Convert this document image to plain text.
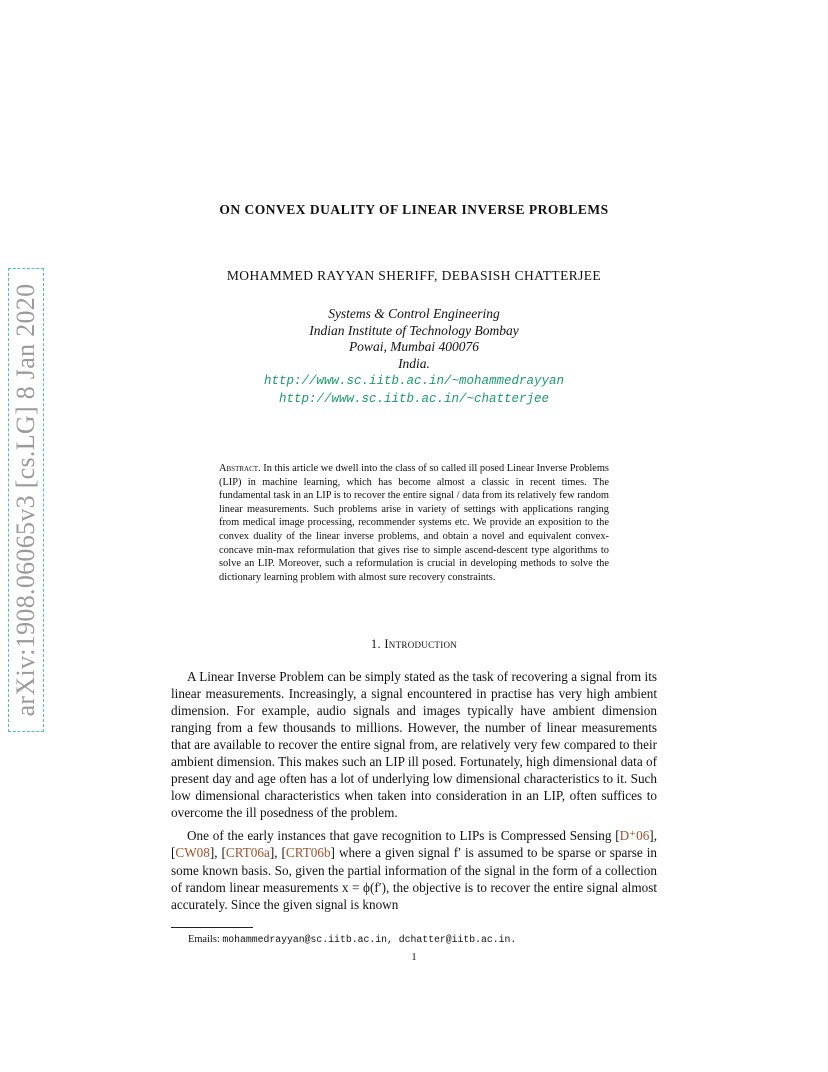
arXiv:1908.06065v3 [cs.LG] 8 Jan 2020
ON CONVEX DUALITY OF LINEAR INVERSE PROBLEMS
MOHAMMED RAYYAN SHERIFF, DEBASISH CHATTERJEE
Systems & Control Engineering
Indian Institute of Technology Bombay
Powai, Mumbai 400076
India.
http://www.sc.iitb.ac.in/~mohammedrayyan
http://www.sc.iitb.ac.in/~chatterjee
Abstract. In this article we dwell into the class of so called ill posed Linear Inverse Problems (LIP) in machine learning, which has become almost a classic in recent times. The fundamental task in an LIP is to recover the entire signal / data from its relatively few random linear measurements. Such problems arise in variety of settings with applications ranging from medical image processing, recommender systems etc. We provide an exposition to the convex duality of the linear inverse problems, and obtain a novel and equivalent convex-concave min-max reformulation that gives rise to simple ascend-descent type algorithms to solve an LIP. Moreover, such a reformulation is crucial in developing methods to solve the dictionary learning problem with almost sure recovery constraints.
1. Introduction

A Linear Inverse Problem can be simply stated as the task of recovering a signal from its linear measurements. Increasingly, a signal encountered in practise has very high ambient dimension. For example, audio signals and images typically have ambient dimension ranging from a few thousands to millions. However, the number of linear measurements that are available to recover the entire signal from, are relatively very few compared to their ambient dimension. This makes such an LIP ill posed. Fortunately, high dimensional data of present day and age often has a lot of underlying low dimensional characteristics to it. Such low dimensional characteristics when taken into consideration in an LIP, often suffices to overcome the ill posedness of the problem.

One of the early instances that gave recognition to LIPs is Compressed Sensing [D⁺06], [CW08], [CRT06a], [CRT06b] where a given signal f′ is assumed to be sparse or sparse in some known basis. So, given the partial information of the signal in the form of a collection of random linear measurements x = ϕ(f′), the objective is to recover the entire signal almost accurately. Since the given signal is known

Emails: mohammedrayyan@sc.iitb.ac.in, dchatter@iitb.ac.in.
1
